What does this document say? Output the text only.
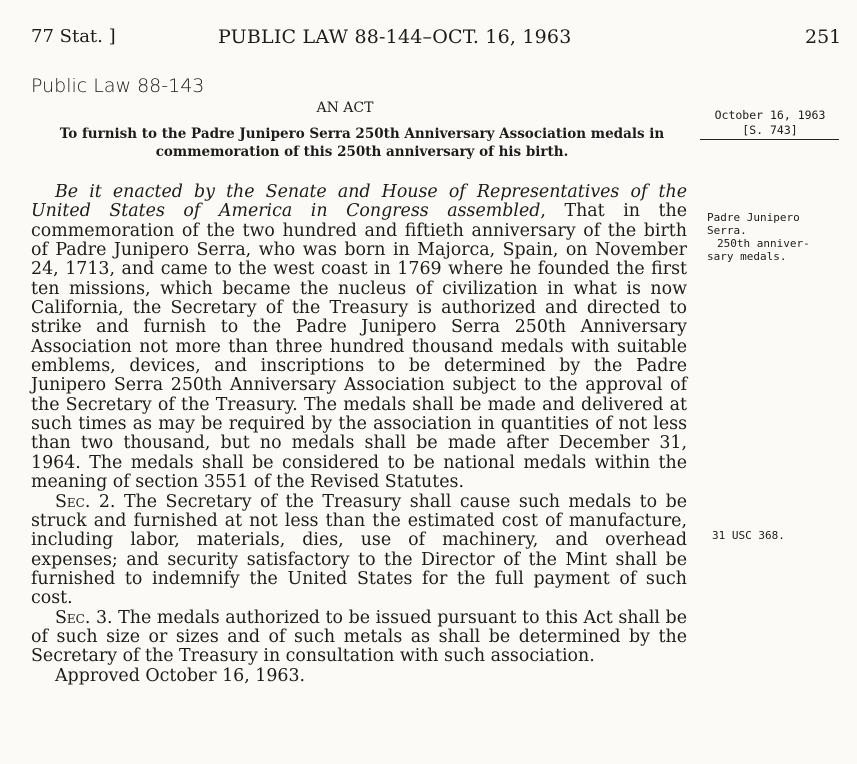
77 Stat. ]	PUBLIC LAW 88-144–OCT. 16, 1963	251
Public Law 88-143
AN ACT
To furnish to the Padre Junipero Serra 250th Anniversary Association medals in commemoration of this 250th anniversary of his birth.
October 16, 1963
[S. 743]

Be it enacted by the Senate and House of Representatives of the United States of America in Congress assembled, That in the commemoration of the two hundred and fiftieth anniversary of the birth of Padre Junipero Serra, who was born in Majorca, Spain, on November 24, 1713, and came to the west coast in 1769 where he founded the first ten missions, which became the nucleus of civilization in what is now California, the Secretary of the Treasury is authorized and directed to strike and furnish to the Padre Junipero Serra 250th Anniversary Association not more than three hundred thousand medals with suitable emblems, devices, and inscriptions to be determined by the Padre Junipero Serra 250th Anniversary Association subject to the approval of the Secretary of the Treasury. The medals shall be made and delivered at such times as may be required by the association in quantities of not less than two thousand, but no medals shall be made after December 31, 1964. The medals shall be considered to be national medals within the meaning of section 3551 of the Revised Statutes.

Sec. 2. The Secretary of the Treasury shall cause such medals to be struck and furnished at not less than the estimated cost of manufacture, including labor, materials, dies, use of machinery, and overhead expenses; and security satisfactory to the Director of the Mint shall be furnished to indemnify the United States for the full payment of such cost.

Sec. 3. The medals authorized to be issued pursuant to this Act shall be of such size or sizes and of such metals as shall be determined by the Secretary of the Treasury in consultation with such association.

Approved October 16, 1963.

Padre Junipero
Serra.

250th anniver-
sary medals.
31 USC 368.
